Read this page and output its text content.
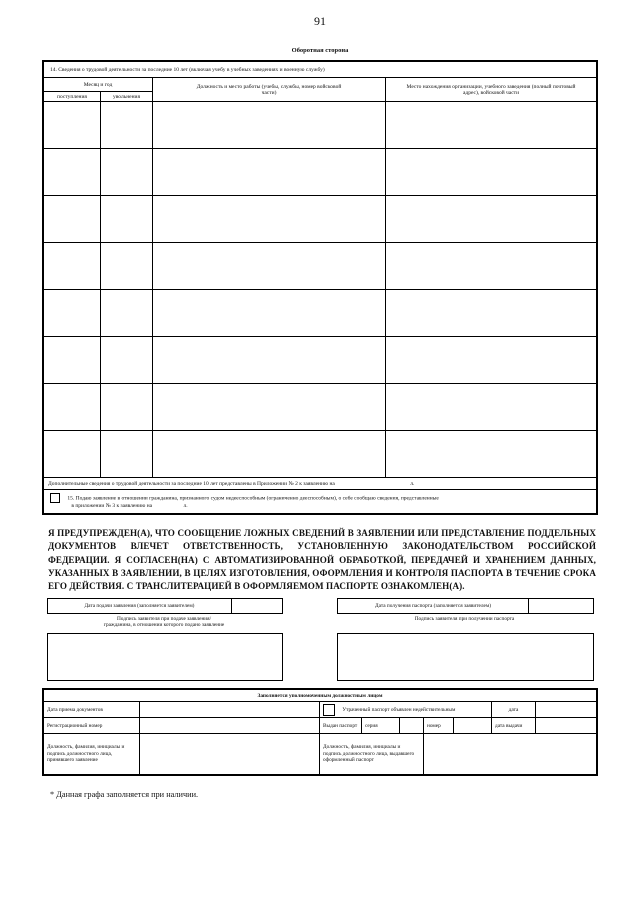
91
Оборотная сторона
14. Сведения о трудовой деятельности за последние 10 лет (включая учебу в учебных заведениях и военную службу)			
Месяц и год		Должность и место работы (учебы, службы, номер войсковой части)	Место нахождения организации, учебного заведения (полный почтовый адрес), войсковой части
поступления	увольнения		

Дополнительные сведения о трудовой деятельности за последние 10 лет представлены в Приложении № 2 к заявлению на л.			
15. Подаю заявление в отношении гражданина, признанного судом недееспособным (ограниченно дееспособным), о себе сообщаю сведения, представленные
в приложении № 3 к заявлению на л.			
Я ПРЕДУПРЕЖДЕН(А), ЧТО СООБЩЕНИЕ ЛОЖНЫХ СВЕДЕНИЙ В ЗАЯВЛЕНИИ ИЛИ ПРЕДСТАВЛЕНИЕ ПОДДЕЛЬНЫХ ДОКУМЕНТОВ ВЛЕЧЕТ ОТВЕТСТВЕННОСТЬ, УСТАНОВЛЕННУЮ ЗАКОНОДАТЕЛЬСТВОМ РОССИЙСКОЙ ФЕДЕРАЦИИ. Я СОГЛАСЕН(НА) С АВТОМАТИЗИРОВАННОЙ ОБРАБОТКОЙ, ПЕРЕДАЧЕЙ И ХРАНЕНИЕМ ДАННЫХ, УКАЗАННЫХ В ЗАЯВЛЕНИИ, В ЦЕЛЯХ ИЗГОТОВЛЕНИЯ, ОФОРМЛЕНИЯ И КОНТРОЛЯ ПАСПОРТА В ТЕЧЕНИЕ СРОКА ЕГО ДЕЙСТВИЯ. С ТРАНСЛИТЕРАЦИЕЙ В ОФОРМЛЯЕМОМ ПАСПОРТЕ ОЗНАКОМЛЕН(А).
Дата подачи заявления (заполняется заявителем)	Дата получения паспорта (заполняется заявителем)
Подпись заявителя при подаче заявления/
гражданина, в отношении которого подано заявление
Подпись заявителя при получении паспорта
Заполняется уполномоченным должностным лицом								
Дата приема документов		Утраченный паспорт объявлен недействительным					дата	
Регистрационный номер		Выдан паспорт	серия		номер		дата выдачи	
Должность, фамилия, инициалы и подпись должностного лица, принявшего заявление		Должность, фамилия, инициалы и подпись должностного лица, выдавшего оформленный паспорт						
* Данная графа заполняется при наличии.
